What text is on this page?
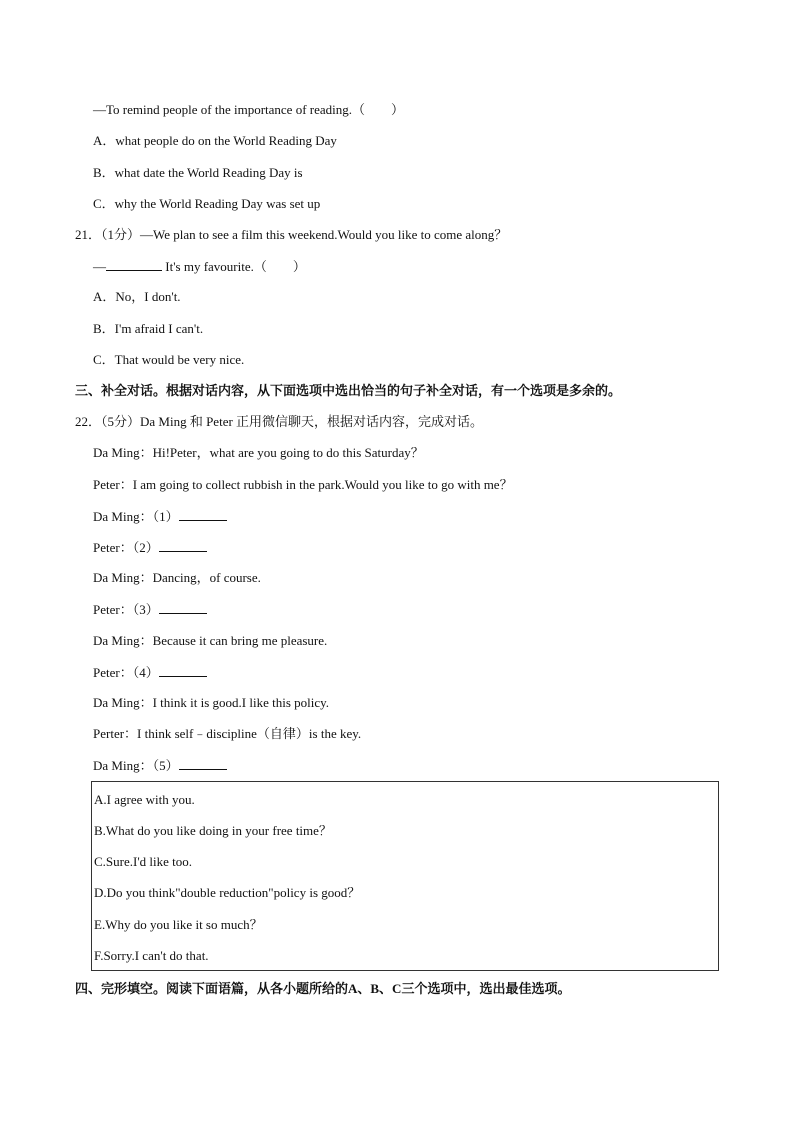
—To remind people of the importance of reading.（　　）
A．what people do on the World Reading Day
B．what date the World Reading Day is
C．why the World Reading Day was set up
21．（1分）—We plan to see a film this weekend.Would you like to come along？
—	It's my favourite.（　　）
A．No，I don't.
B．I'm afraid I can't.
C．That would be very nice.
三、补全对话。根据对话内容，从下面选项中选出恰当的句子补全对话，有一个选项是多余的。
22．（5分）Da Ming 和 Peter 正用微信聊天，根据对话内容，完成对话。
Da Ming：Hi!Peter，what are you going to do this Saturday？
Peter：I am going to collect rubbish in the park.Would you like to go with me？
Da Ming：（1）
Peter：（2）
Da Ming：Dancing，of course.
Peter：（3）
Da Ming：Because it can bring me pleasure.
Peter：（4）
Da Ming：I think it is good.I like this policy.
Perter：I think self﹣discipline（自律）is the key.
Da Ming：（5）
A.I agree with you.
B.What do you like doing in your free time？
C.Sure.I'd like too.
D.Do you think"double reduction"policy is good？
E.Why do you like it so much？
F.Sorry.I can't do that.
四、完形填空。阅读下面语篇，从各小题所给的A、B、C三个选项中，选出最佳选项。
